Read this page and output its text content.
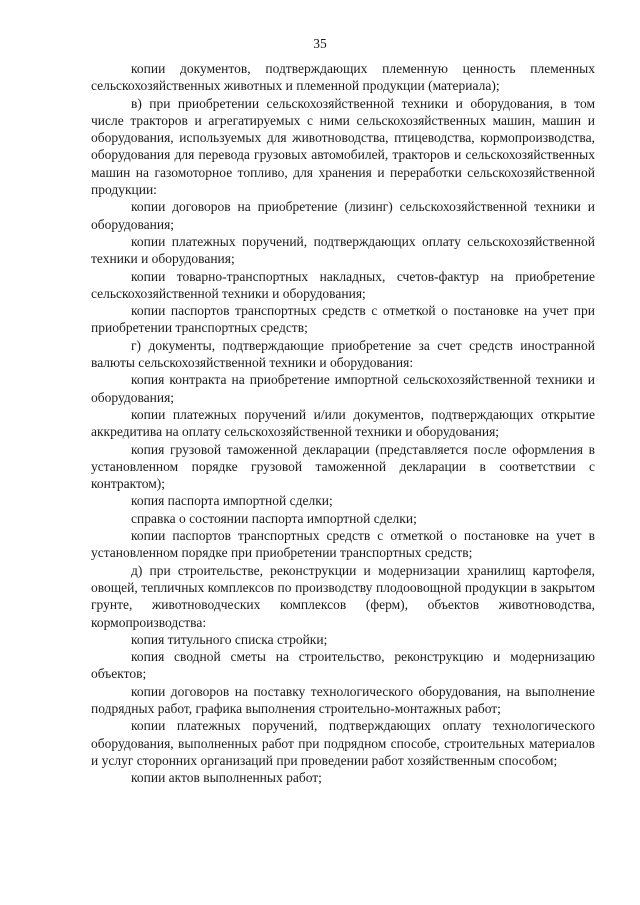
35

копии документов, подтверждающих племенную ценность племенных сельскохозяйственных животных и племенной продукции (материала);

в) при приобретении сельскохозяйственной техники и оборудования, в том числе тракторов и агрегатируемых с ними сельскохозяйственных машин, машин и оборудования, используемых для животноводства, птицеводства, кормопроизводства, оборудования для перевода грузовых автомобилей, тракторов и сельскохозяйственных машин на газомоторное топливо, для хранения и переработки сельскохозяйственной продукции:

копии договоров на приобретение (лизинг) сельскохозяйственной техники и оборудования;

копии платежных поручений, подтверждающих оплату сельскохозяйственной техники и оборудования;

копии товарно-транспортных накладных, счетов-фактур на приобретение сельскохозяйственной техники и оборудования;

копии паспортов транспортных средств с отметкой о постановке на учет при приобретении транспортных средств;

г) документы, подтверждающие приобретение за счет средств иностранной валюты сельскохозяйственной техники и оборудования:

копия контракта на приобретение импортной сельскохозяйственной техники и оборудования;

копии платежных поручений и/или документов, подтверждающих открытие аккредитива на оплату сельскохозяйственной техники и оборудования;

копия грузовой таможенной декларации (представляется после оформления в установленном порядке грузовой таможенной декларации в соответствии с контрактом);

копия паспорта импортной сделки;

справка о состоянии паспорта импортной сделки;

копии паспортов транспортных средств с отметкой о постановке на учет в установленном порядке при приобретении транспортных средств;

д) при строительстве, реконструкции и модернизации хранилищ картофеля, овощей, тепличных комплексов по производству плодоовощной продукции в закрытом грунте, животноводческих комплексов (ферм), объектов животноводства, кормопроизводства:

копия титульного списка стройки;

копия сводной сметы на строительство, реконструкцию и модернизацию объектов;

копии договоров на поставку технологического оборудования, на выполнение подрядных работ, графика выполнения строительно-монтажных работ;

копии платежных поручений, подтверждающих оплату технологического оборудования, выполненных работ при подрядном способе, строительных материалов и услуг сторонних организаций при проведении работ хозяйственным способом;

копии актов выполненных работ;
